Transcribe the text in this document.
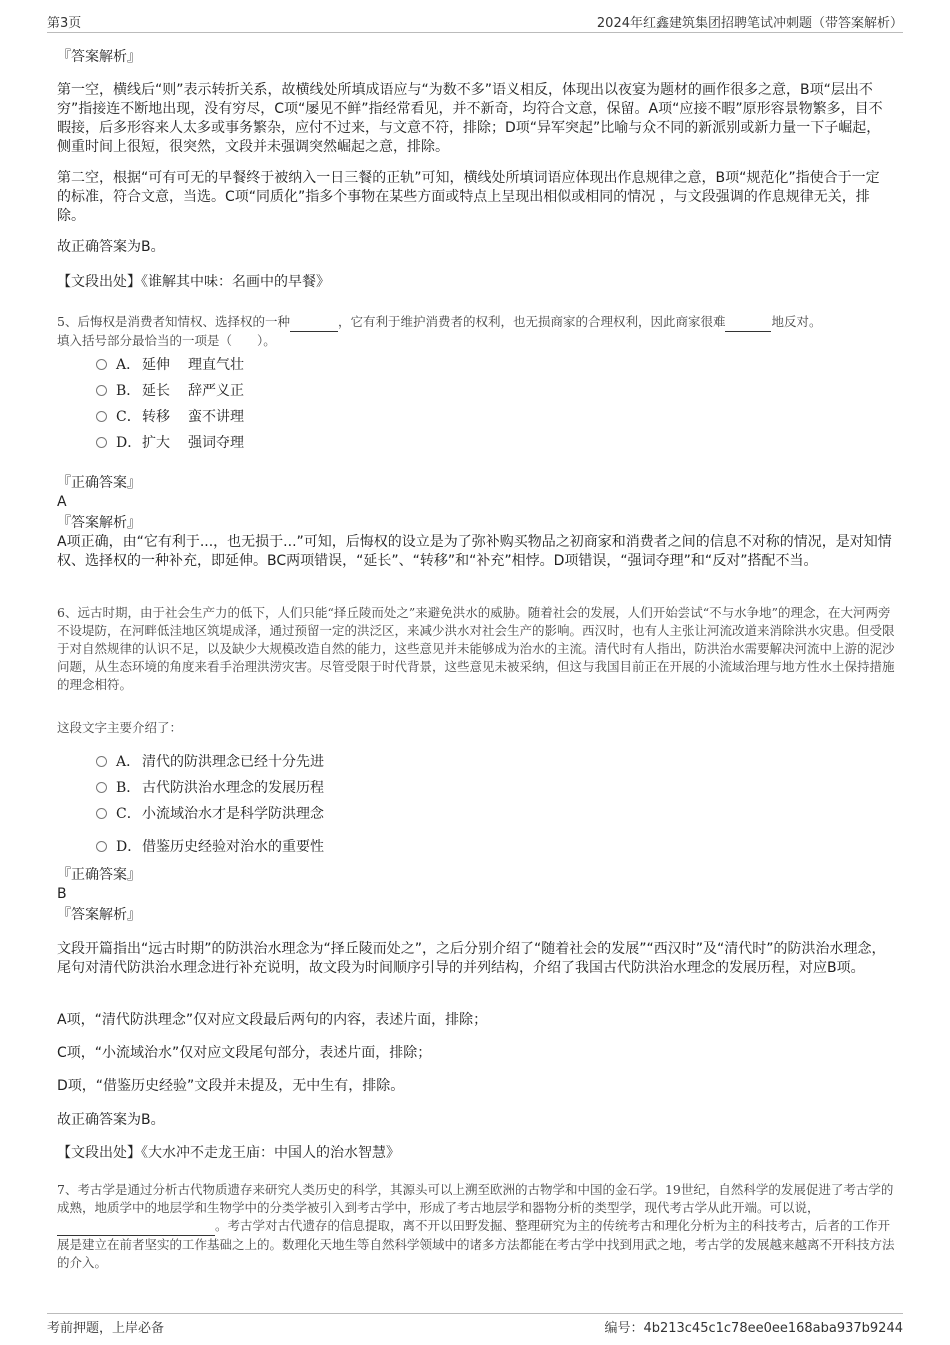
第3页	2024年红鑫建筑集团招聘笔试冲刺题（带答案解析）
『答案解析』
第一空，横线后“则”表示转折关系，故横线处所填成语应与“为数不多”语义相反，体现出以夜宴为题材的画作很多之意，B项“层出不穷”指接连不断地出现，没有穷尽，C项“屡见不鲜”指经常看见，并不新奇，均符合文意，保留。A项“应接不暇”原形容景物繁多，目不暇接，后多形容来人太多或事务繁杂，应付不过来，与文意不符，排除；D项“异军突起”比喻与众不同的新派别或新力量一下子崛起，侧重时间上很短，很突然，文段并未强调突然崛起之意，排除。
第二空，根据“可有可无的早餐终于被纳入一日三餐的正轨”可知，横线处所填词语应体现出作息规律之意，B项“规范化”指使合于一定的标准，符合文意，当选。C项“同质化”指多个事物在某些方面或特点上呈现出相似或相同的情况 ，与文段强调的作息规律无关，排除。
故正确答案为B。
【文段出处】《谁解其中味：名画中的早餐》
5、后悔权是消费者知情权、选择权的一种	，它有利于维护消费者的权利，也无损商家的合理权利，因此商家很难	地反对。
填入括号部分最恰当的一项是（　　）。
A． 延伸 理直气壮
B． 延长 辞严义正
C．转移 蛮不讲理
D．扩大 强词夺理
『正确答案』
A
『答案解析』
A项正确，由“它有利于...，也无损于...”可知，后悔权的设立是为了弥补购买物品之初商家和消费者之间的信息不对称的情况，是对知情权、选择权的一种补充，即延伸。BC两项错误，“延长”、“转移”和“补充”相悖。D项错误，“强词夺理”和“反对”搭配不当。
6、远古时期，由于社会生产力的低下，人们只能“择丘陵而处之”来避免洪水的威胁。随着社会的发展，人们开始尝试“不与水争地”的理念，在大河两旁不设堤防，在河畔低洼地区筑堤成泽，通过预留一定的洪泛区，来减少洪水对社会生产的影响。西汉时，也有人主张让河流改道来消除洪水灾患。但受限于对自然规律的认识不足，以及缺少大规模改造自然的能力，这些意见并未能够成为治水的主流。清代时有人指出，防洪治水需要解决河流中上游的泥沙问题，从生态环境的角度来看手治理洪涝灾害。尽管受限于时代背景，这些意见未被采纳，但这与我国目前正在开展的小流域治理与地方性水土保持措施的理念相符。
这段文字主要介绍了：
A． 清代的防洪理念已经十分先进
B． 古代防洪治水理念的发展历程
C．小流域治水才是科学防洪理念
D．借鉴历史经验对治水的重要性
『正确答案』
B
『答案解析』
文段开篇指出“远古时期”的防洪治水理念为“择丘陵而处之”，之后分别介绍了“随着社会的发展”“西汉时”及“清代时”的防洪治水理念，尾句对清代防洪治水理念进行补充说明，故文段为时间顺序引导的并列结构，介绍了我国古代防洪治水理念的发展历程，对应B项。
A项，“清代防洪理念”仅对应文段最后两句的内容，表述片面，排除；
C项，“小流域治水”仅对应文段尾句部分，表述片面，排除；
D项，“借鉴历史经验”文段并未提及，无中生有，排除。
故正确答案为B。
【文段出处】《大水冲不走龙王庙：中国人的治水智慧》
7、考古学是通过分析古代物质遗存来研究人类历史的科学，其源头可以上溯至欧洲的古物学和中国的金石学。19世纪，自然科学的发展促进了考古学的成熟，地质学中的地层学和生物学中的分类学被引入到考古学中，形成了考古地层学和器物分析的类型学，现代考古学从此开端。可以说， 。考古学对古代遗存的信息提取，离不开以田野发掘、整理研究为主的传统考古和理化分析为主的科技考古，后者的工作开展是建立在前者坚实的工作基础之上的。数理化天地生等自然科学领域中的诸多方法都能在考古学中找到用武之地，考古学的发展越来越离不开科技方法的介入。
考前押题，上岸必备	编号：4b213c45c1c78ee0ee168aba937b9244
